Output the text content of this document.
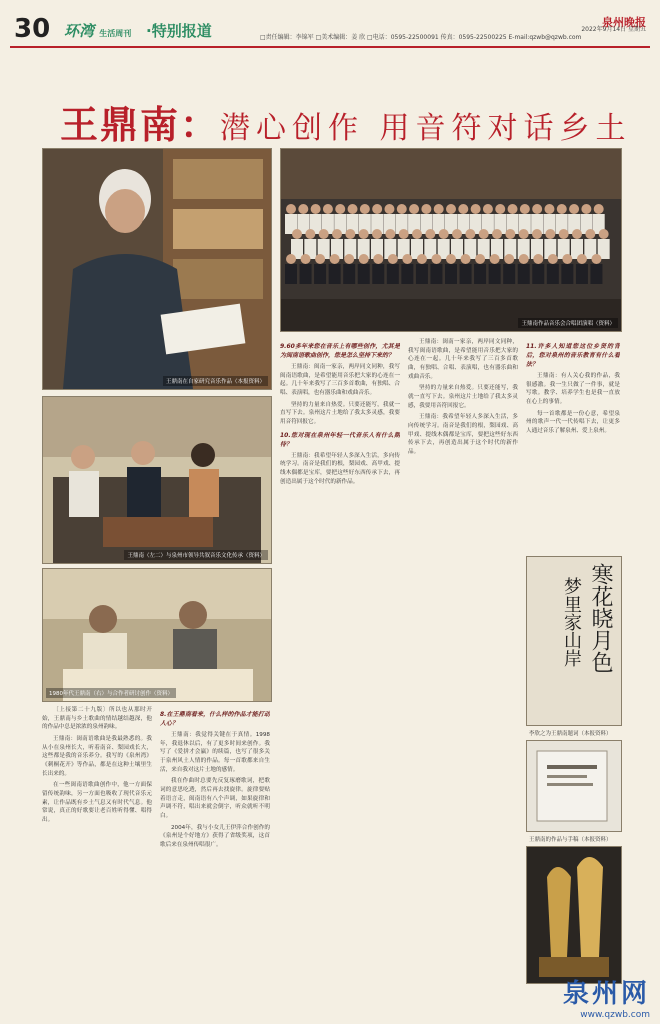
30 环湾 生活周刊 ·特别报道	泉州晚报
□责任编辑：李锦军 □美术编辑：姜 欣 □电话：0595-22500091 传真：0595-22500225 E-mail:qzwb@qzwb.com
2022年9月14日 星期五
王鼎南：潜心创作 用音符对话乡土
王鼎南在自家研究音乐作品（本报资料）
王鼎南作品音乐会合唱团演唱（资料）
王鼎南（左二）与泉州市领导共叙音乐文化传承（资料）
1980年代王鼎南（右）与合作者研讨创作（资料）

〔上接第二十九版〕所以也从那时开始，王鼎南与乡土歌曲的情结越结越深，他的作品中总是浓浓的泉州韵味。

王鼎南：闽南语歌曲是我最熟悉的。我从小在泉州长大，听着南音、梨园戏长大，这些都是我的音乐养分。我写的《泉州湾》《刺桐花开》等作品，都是在这种土壤里生长出来的。

在一些闽南语歌曲创作中，他一方面保留传统韵味，另一方面也吸收了现代音乐元素，让作品既有乡土气息又有时代气息。他常说，真正的好歌要让老百姓听得懂、唱得出。

8.在王鼎南看来，什么样的作品才能打动人心？

王鼎南：我觉得关键在于真情。1998年，我退休以后，有了更多时间来创作。我写了《爱拼才会赢》的续篇，也写了很多关于泉州风土人情的作品。每一首歌都来自生活，来自我对这片土地的感情。

我在作曲时总要先反复琢磨歌词，把歌词的意思吃透，然后再去找旋律。旋律要贴着语言走，闽南语有八个声调，如果旋律和声调不符，唱出来就会倒字，听众就听不明白。

2004年，我与小女儿王伊萍合作创作的《泉州是个好地方》获得了省级奖项，这首歌后来在泉州传唱很广。

9.60多年来您在音乐上有哪些创作，尤其是为闽南语歌曲创作，您是怎么坚持下来的？

王鼎南：闽南一家亲，两岸同文同种，我写闽南语歌曲，是希望能用音乐把大家的心连在一起。几十年来我写了三百多首歌曲，有独唱、合唱、表演唱，也有器乐曲和戏曲音乐。

坚持的力量来自热爱。只要还能写，我就一直写下去。泉州这片土地给了我太多灵感，我要用音符回报它。

10.您对现在泉州年轻一代音乐人有什么期待？

王鼎南：我希望年轻人多深入生活，多向传统学习。南音是我们的根，梨园戏、高甲戏、提线木偶都是宝库，要把这些好东西传承下去，再创造出属于这个时代的新作品。

王鼎南：闽南一家亲，两岸同文同种，我写闽南语歌曲，是希望能用音乐把大家的心连在一起。几十年来我写了三百多首歌曲，有独唱、合唱、表演唱，也有器乐曲和戏曲音乐。

坚持的力量来自热爱。只要还能写，我就一直写下去。泉州这片土地给了我太多灵感，我要用音符回报它。

王鼎南：我希望年轻人多深入生活，多向传统学习。南音是我们的根，梨园戏、高甲戏、提线木偶都是宝库，要把这些好东西传承下去，再创造出属于这个时代的新作品。

11.许多人知道您这位乡贤的背后，您对泉州的音乐教育有什么看法？

王鼎南：有人关心我的作品，我很感激。我一生只做了一件事，就是写歌。教学、培养学生也是我一直放在心上的事情。

每一首歌都是一份心意，希望泉州的歌声一代一代传唱下去，让更多人通过音乐了解泉州、爱上泉州。

寒花晓月色
梦里家山岸
李欣之为王鼎南题词（本报资料）
王鼎南的作品与手稿（本报资料）
泉州网
www.qzwb.com
